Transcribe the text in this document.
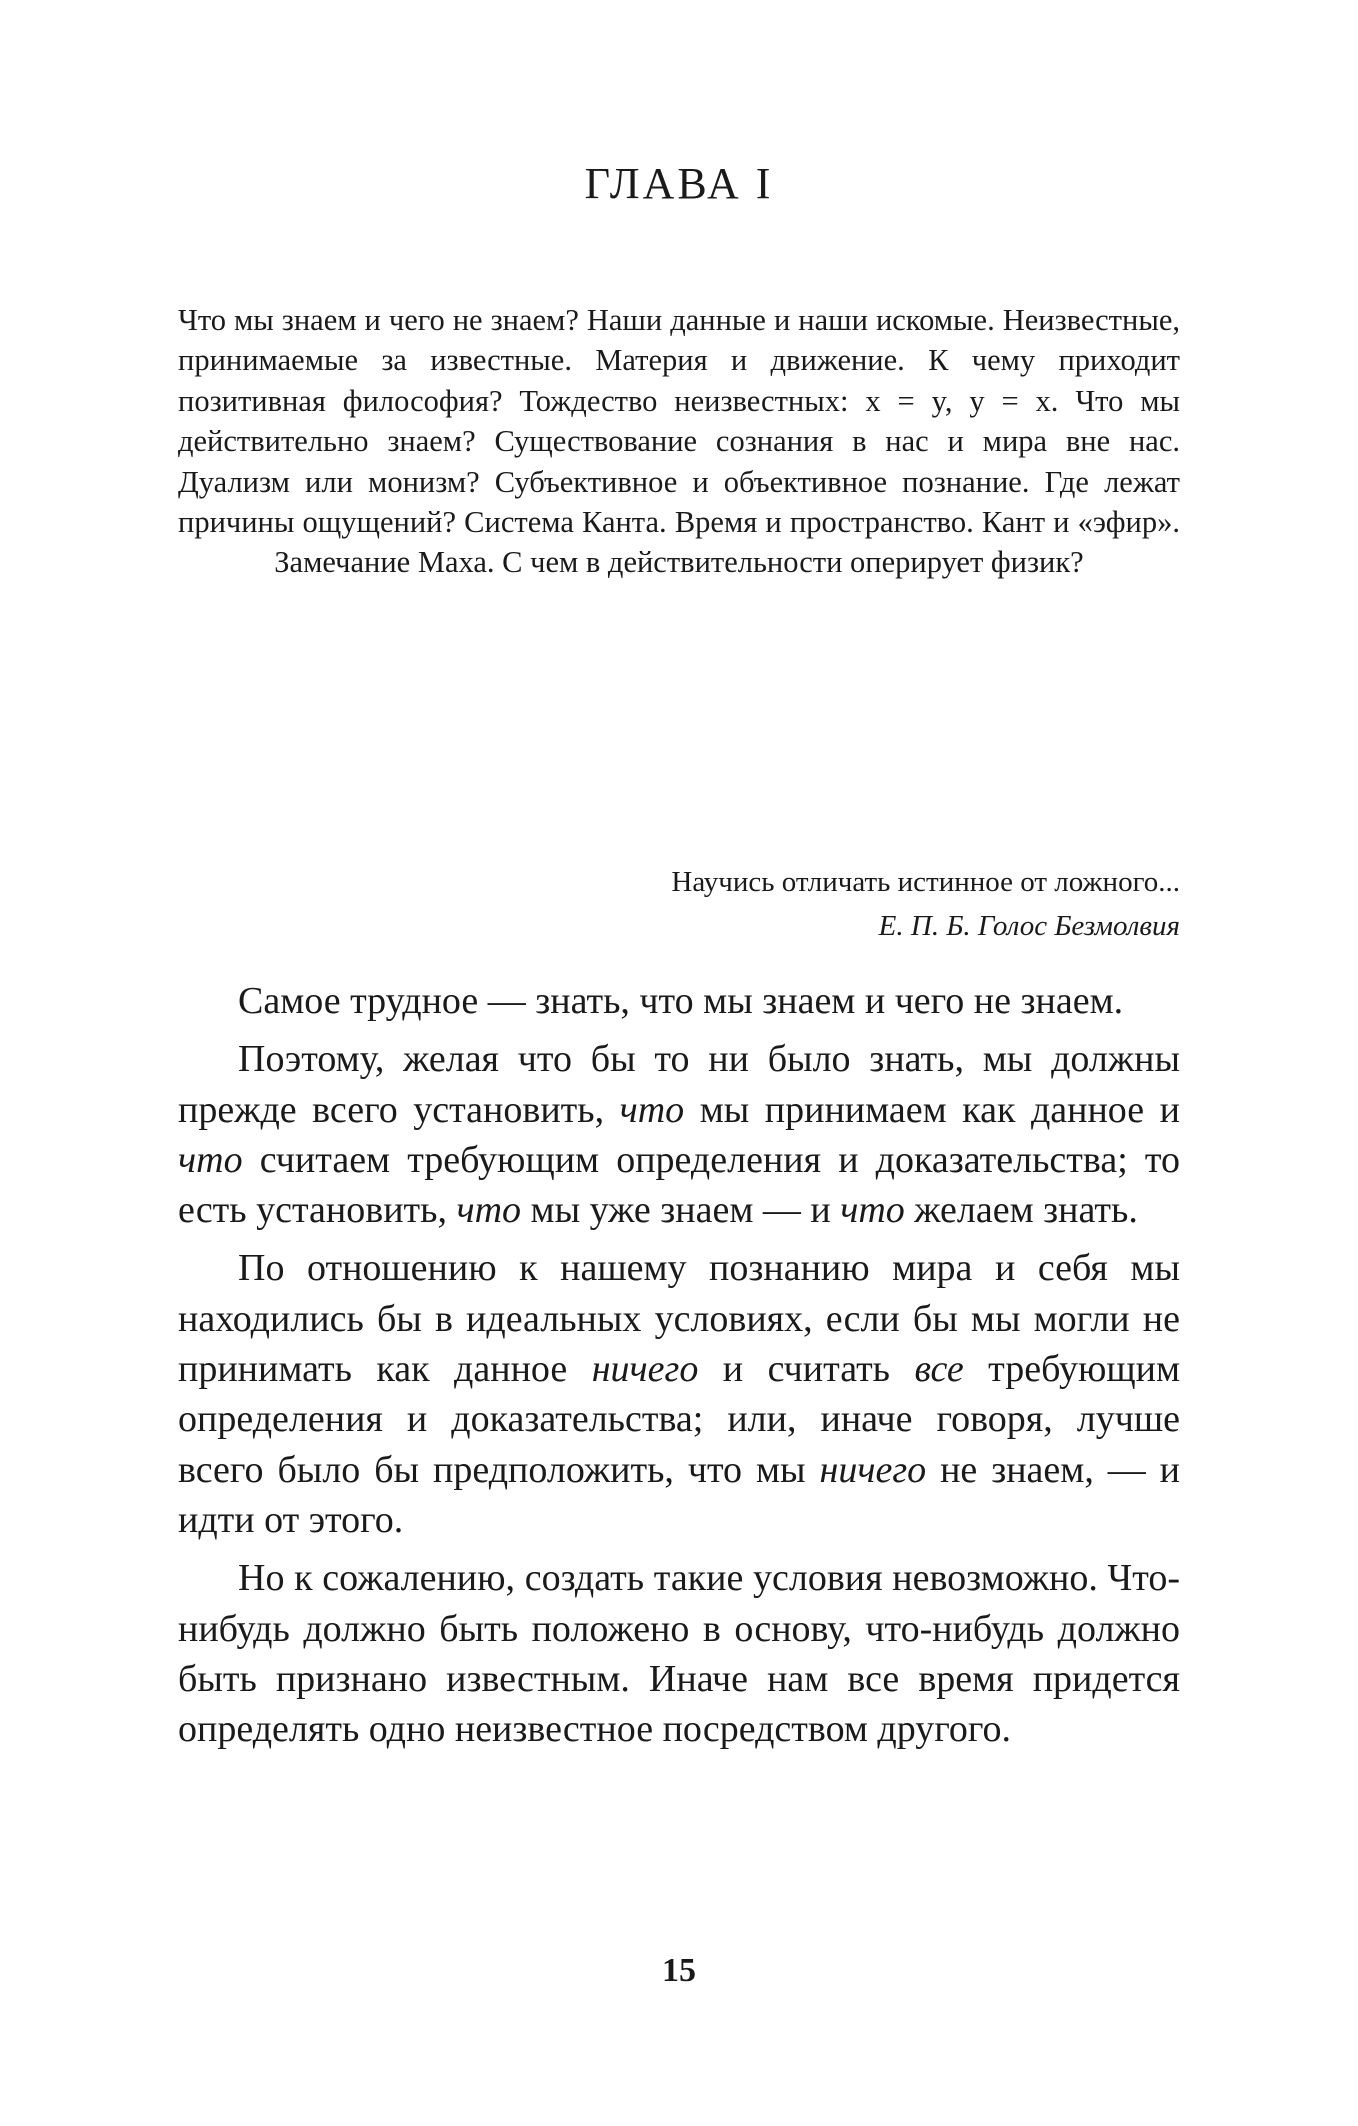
ГЛАВА I

Что мы знаем и чего не знаем? Наши данные и наши искомые. Неизвестные, принимаемые за известные. Материя и движение. К чему приходит позитивная философия? Тождество неизвестных: x = y, y = x. Что мы действительно знаем? Существование сознания в нас и мира вне нас. Дуализм или монизм? Субъективное и объективное познание. Где лежат причины ощущений? Система Канта. Время и пространство. Кант и «эфир». Замечание Маха. С чем в действительности оперирует физик?

Научись отличать истинное от ложного...
Е. П. Б. Голос Безмолвия

Самое трудное — знать, что мы знаем и чего не знаем.

Поэтому, желая что бы то ни было знать, мы должны прежде всего установить, что мы принимаем как данное и что считаем требующим определения и доказательства; то есть установить, что мы уже знаем — и что желаем знать.

По отношению к нашему познанию мира и себя мы находились бы в идеальных условиях, если бы мы могли не принимать как данное ничего и считать все требующим определения и доказательства; или, иначе говоря, лучше всего было бы предположить, что мы ничего не знаем, — и идти от этого.

Но к сожалению, создать такие условия невозможно. Что-нибудь должно быть положено в основу, что-нибудь должно быть признано известным. Иначе нам все время придется определять одно неизвестное посредством другого.

15
